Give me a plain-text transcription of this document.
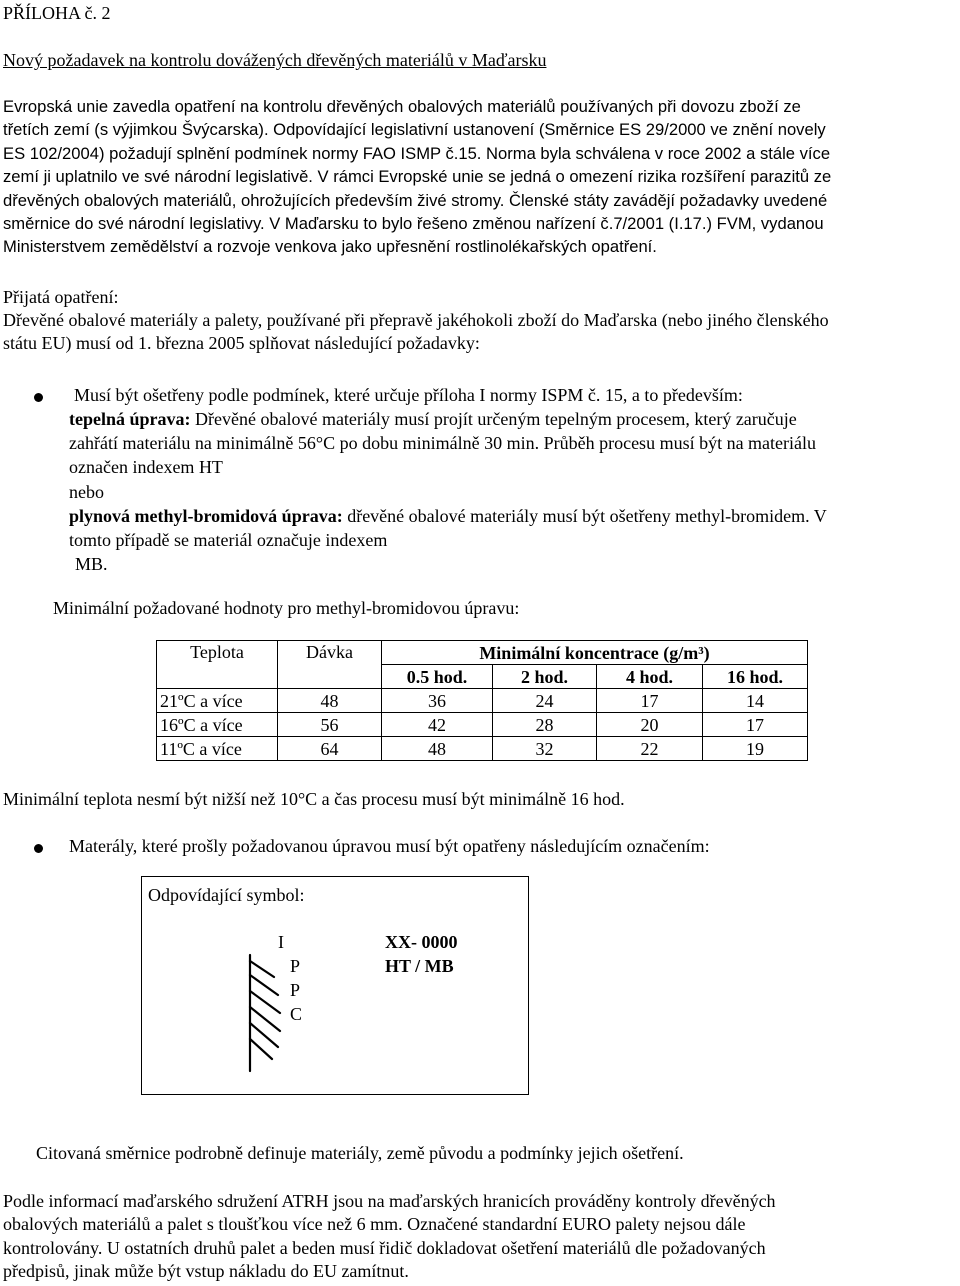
PŘÍLOHA č. 2
Nový požadavek na kontrolu dovážených dřevěných materiálů v Maďarsku
Evropská unie zavedla opatření na kontrolu dřevěných obalových materiálů používaných při dovozu zboží ze
třetích zemí (s výjimkou Švýcarska). Odpovídající legislativní ustanovení (Směrnice ES 29/2000 ve znění novely
ES 102/2004) požadují splnění podmínek normy FAO ISMP č.15. Norma byla schválena v roce 2002 a stále více
zemí ji uplatnilo ve své národní legislativě. V rámci Evropské unie se jedná o omezení rizika rozšíření parazitů ze
dřevěných obalových materiálů, ohrožujících především živé stromy. Členské státy zavádějí požadavky uvedené
směrnice do své národní legislativy. V Maďarsku to bylo řešeno změnou nařízení č.7/2001 (I.17.) FVM, vydanou
Ministerstvem zemědělství a rozvoje venkova jako upřesnění rostlinolékařských opatření.
Přijatá opatření:
Dřevěné obalové materiály a palety, používané při přepravě jakéhokoli zboží do Maďarska (nebo jiného členského
státu EU) musí od 1. března 2005 splňovat následující požadavky:
Musí být ošetřeny podle podmínek, které určuje příloha I normy ISPM č. 15, a to především:
tepelná úprava: Dřevěné obalové materiály musí projít určeným tepelným procesem, který zaručuje
zahřátí materiálu na minimálně 56°C po dobu minimálně 30 min. Průběh procesu musí být na materiálu
označen indexem HT
nebo
plynová methyl-bromidová úprava: dřevěné obalové materiály musí být ošetřeny methyl-bromidem. V
tomto případě se materiál označuje indexem
MB.
Minimální požadované hodnoty pro methyl-bromidovou úpravu:
Teplota	Dávka	Minimální koncentrace (g/m³)			
		0.5 hod.	2 hod.	4 hod.	16 hod.
21ºC a více	48	36	24	17	14
16ºC a více	56	42	28	20	17
11ºC a více	64	48	32	22	19
Minimální teplota nesmí být nižší než 10°C a čas procesu musí být minimálně 16 hod.
Materály, které prošly požadovanou úpravou musí být opatřeny následujícím označením:
Odpovídající symbol:
I
P
P
C
XX- 0000
HT / MB
Citovaná směrnice podrobně definuje materiály, země původu a podmínky jejich ošetření.
Podle informací maďarského sdružení ATRH jsou na maďarských hranicích prováděny kontroly dřevěných
obalových materiálů a palet s tloušťkou více než 6 mm. Označené standardní EURO palety nejsou dále
kontrolovány. U ostatních druhů palet a beden musí řidič dokladovat ošetření materiálů dle požadovaných
předpisů, jinak může být vstup nákladu do EU zamítnut.
